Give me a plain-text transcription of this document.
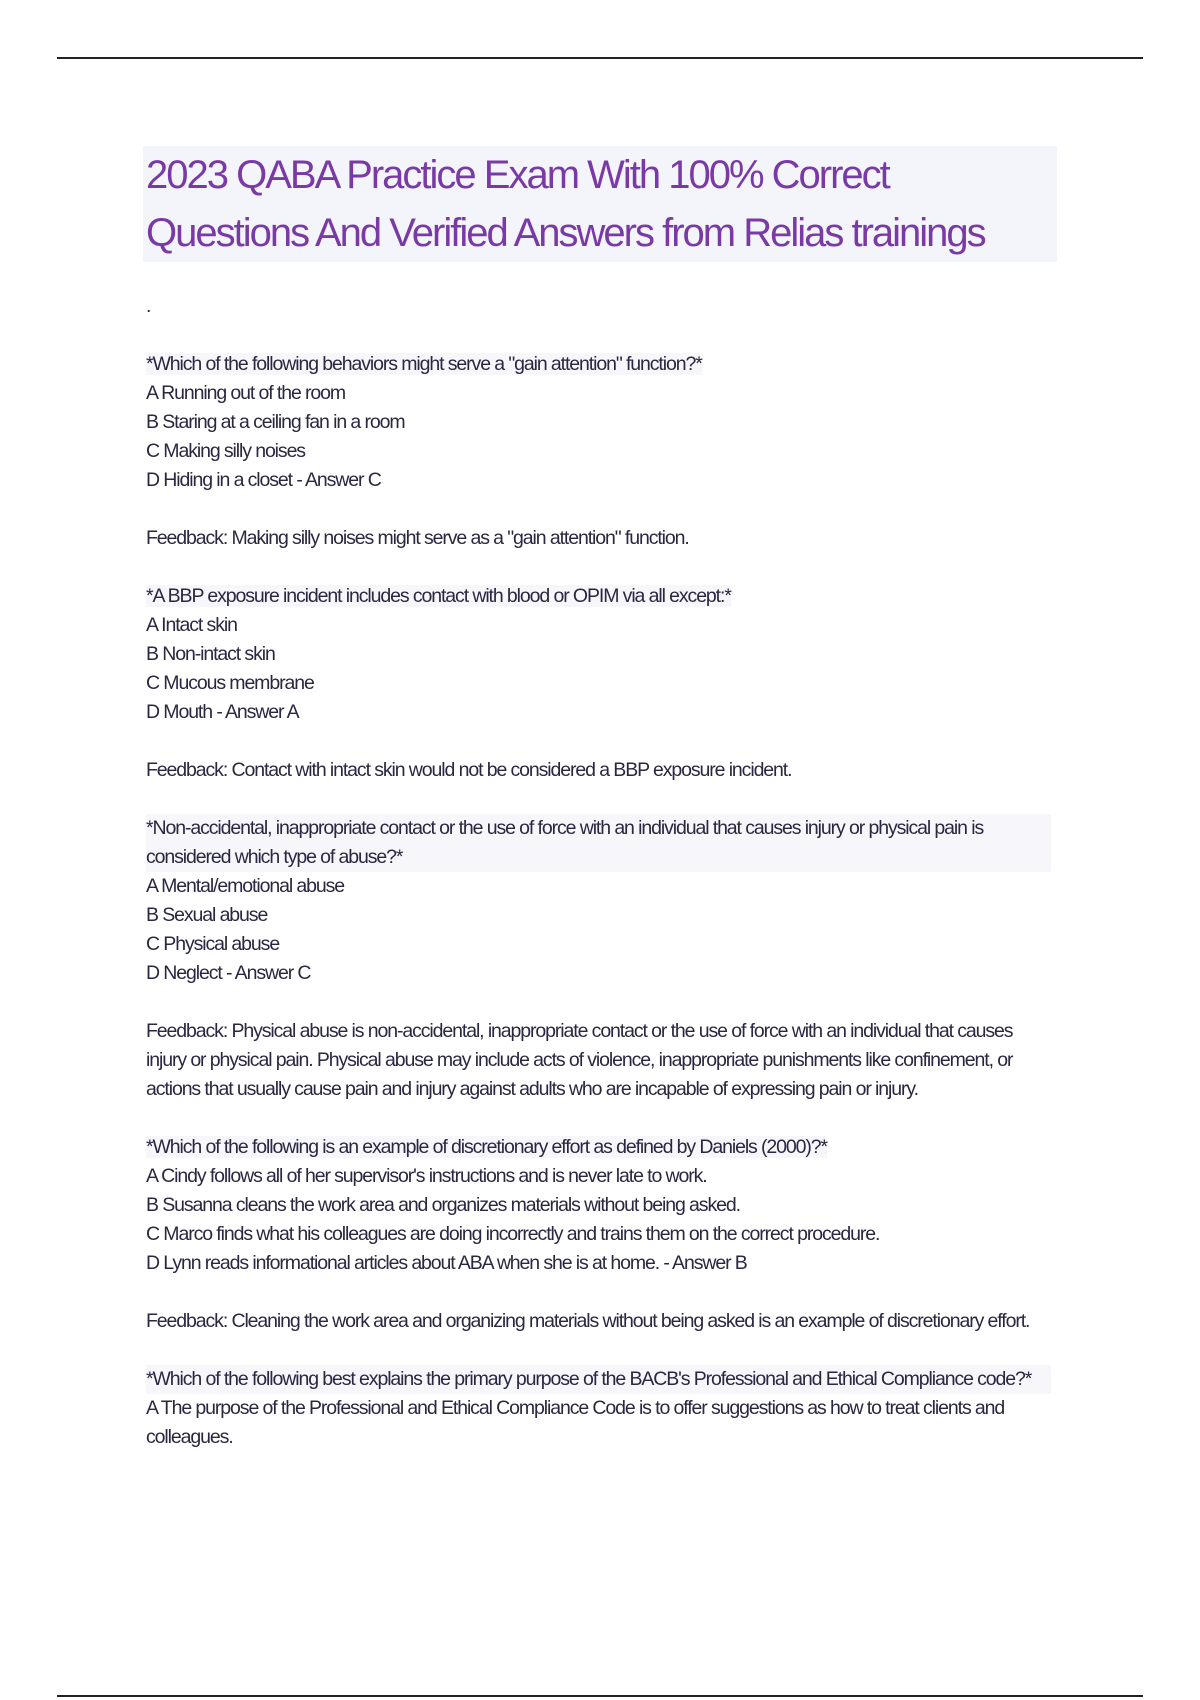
2023 QABA Practice Exam With 100% Correct Questions And Verified Answers from Relias trainings
.
*Which of the following behaviors might serve a "gain attention" function?*
A Running out of the room
B Staring at a ceiling fan in a room
C Making silly noises
D Hiding in a closet - Answer C
Feedback: Making silly noises might serve as a "gain attention" function.
*A BBP exposure incident includes contact with blood or OPIM via all except:*
A Intact skin
B Non-intact skin
C Mucous membrane
D Mouth - Answer A
Feedback: Contact with intact skin would not be considered a BBP exposure incident.
*Non-accidental, inappropriate contact or the use of force with an individual that causes injury or physical pain is considered which type of abuse?*
A Mental/emotional abuse
B Sexual abuse
C Physical abuse
D Neglect - Answer C
Feedback: Physical abuse is non-accidental, inappropriate contact or the use of force with an individual that causes injury or physical pain. Physical abuse may include acts of violence, inappropriate punishments like confinement, or actions that usually cause pain and injury against adults who are incapable of expressing pain or injury.
*Which of the following is an example of discretionary effort as defined by Daniels (2000)?*
A Cindy follows all of her supervisor's instructions and is never late to work.
B Susanna cleans the work area and organizes materials without being asked.
C Marco finds what his colleagues are doing incorrectly and trains them on the correct procedure.
D Lynn reads informational articles about ABA when she is at home. - Answer B
Feedback: Cleaning the work area and organizing materials without being asked is an example of discretionary effort.
*Which of the following best explains the primary purpose of the BACB's Professional and Ethical Compliance code?*
A The purpose of the Professional and Ethical Compliance Code is to offer suggestions as how to treat clients and colleagues.
